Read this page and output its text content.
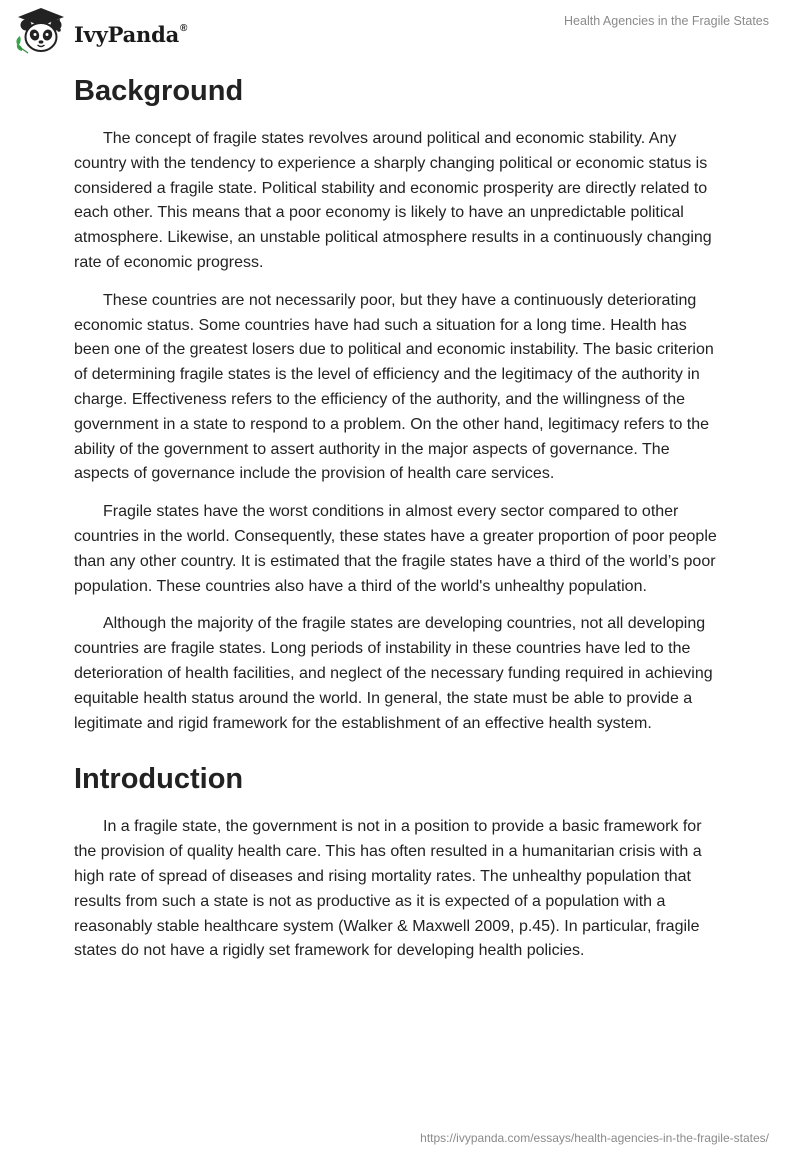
IvyPanda®	Health Agencies in the Fragile States
Background

The concept of fragile states revolves around political and economic stability. Any country with the tendency to experience a sharply changing political or economic status is considered a fragile state. Political stability and economic prosperity are directly related to each other. This means that a poor economy is likely to have an unpredictable political atmosphere. Likewise, an unstable political atmosphere results in a continuously changing rate of economic progress.

These countries are not necessarily poor, but they have a continuously deteriorating economic status. Some countries have had such a situation for a long time. Health has been one of the greatest losers due to political and economic instability. The basic criterion of determining fragile states is the level of efficiency and the legitimacy of the authority in charge. Effectiveness refers to the efficiency of the authority, and the willingness of the government in a state to respond to a problem. On the other hand, legitimacy refers to the ability of the government to assert authority in the major aspects of governance. The aspects of governance include the provision of health care services.

Fragile states have the worst conditions in almost every sector compared to other countries in the world. Consequently, these states have a greater proportion of poor people than any other country. It is estimated that the fragile states have a third of the world’s poor population. These countries also have a third of the world's unhealthy population.

Although the majority of the fragile states are developing countries, not all developing countries are fragile states. Long periods of instability in these countries have led to the deterioration of health facilities, and neglect of the necessary funding required in achieving equitable health status around the world. In general, the state must be able to provide a legitimate and rigid framework for the establishment of an effective health system.

Introduction

In a fragile state, the government is not in a position to provide a basic framework for the provision of quality health care. This has often resulted in a humanitarian crisis with a high rate of spread of diseases and rising mortality rates. The unhealthy population that results from such a state is not as productive as it is expected of a population with a reasonably stable healthcare system (Walker & Maxwell 2009, p.45). In particular, fragile states do not have a rigidly set framework for developing health policies.

https://ivypanda.com/essays/health-agencies-in-the-fragile-states/
